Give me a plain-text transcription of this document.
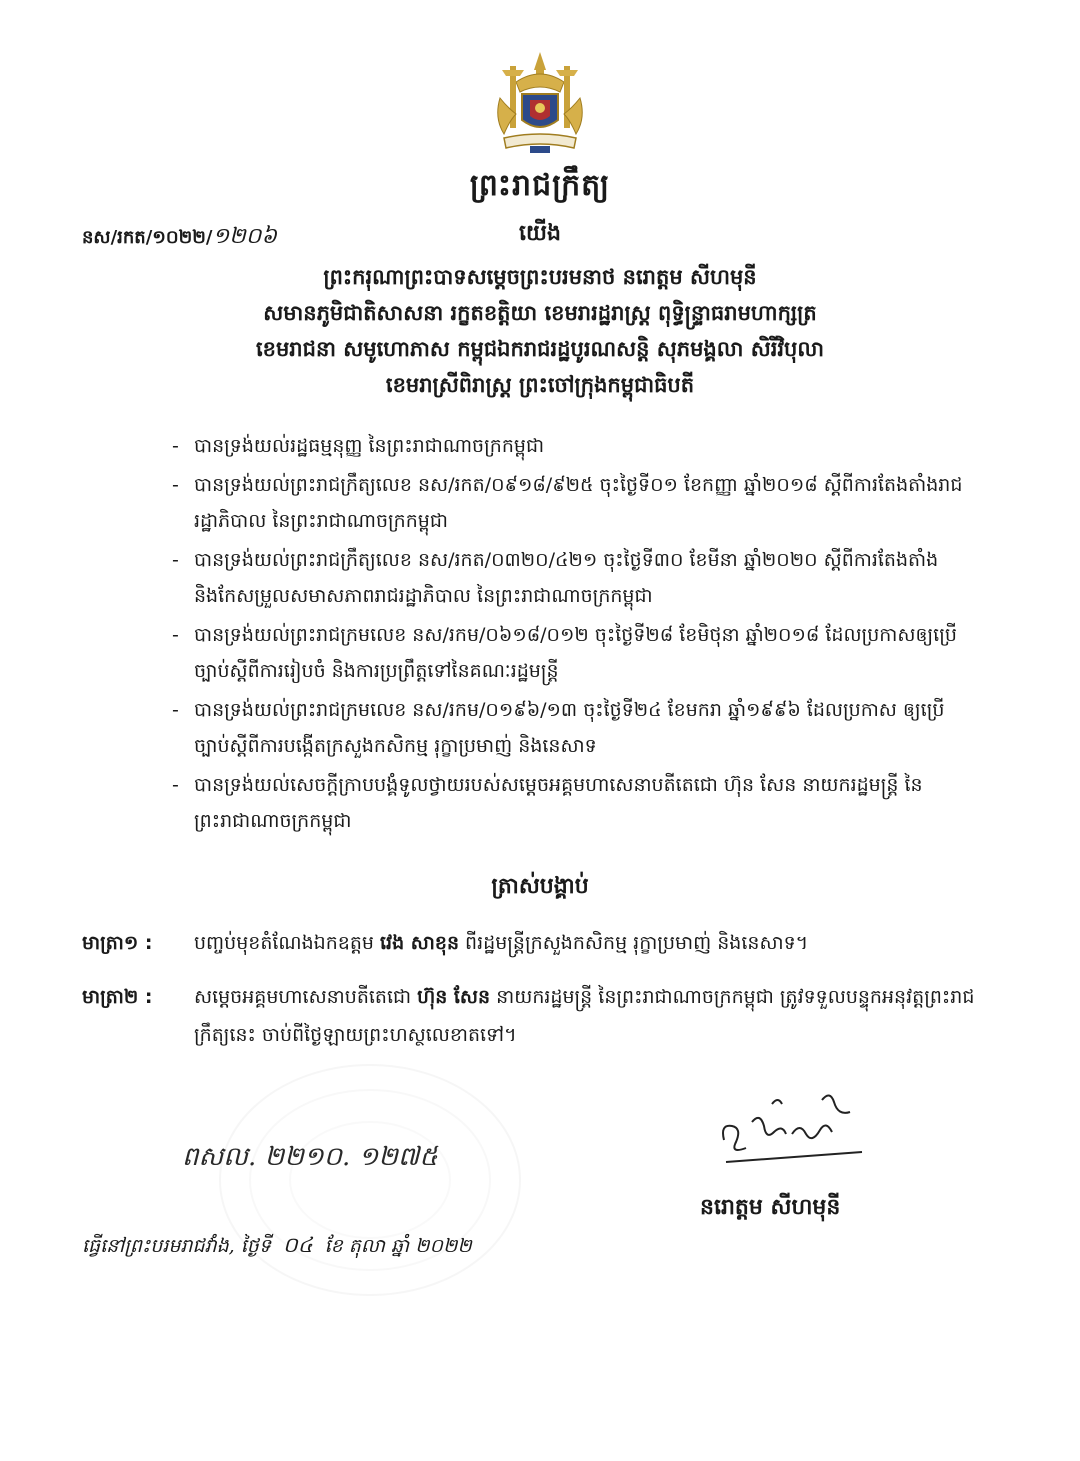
ព្រះរាជក្រឹត្យ
នស/រកត/១០២២/១២០៦	យើង
ព្រះករុណាព្រះបាទសម្ដេចព្រះបរមនាថ នរោត្តម សីហមុនី
សមានភូមិជាតិសាសនា រក្ខតខត្តិយា ខេមរារដ្ឋរាស្ត្រ ពុទ្ធិន្ទ្រាធរាមហាក្សត្រ
ខេមរាជនា សមូហោភាស កម្ពុជឯករាជរដ្ឋបូរណសន្តិ សុភមង្គលា សិរីវិបុលា
ខេមរាស្រីពិរាស្ត្រ ព្រះចៅក្រុងកម្ពុជាធិបតី
- បានទ្រង់យល់រដ្ឋធម្មនុញ្ញ នៃព្រះរាជាណាចក្រកម្ពុជា
- បានទ្រង់យល់ព្រះរាជក្រឹត្យលេខ នស/រកត/០៩១៨/៩២៥ ចុះថ្ងៃទី០១ ខែកញ្ញា ឆ្នាំ២០១៨ ស្ដីពីការតែងតាំងរាជរដ្ឋាភិបាល នៃព្រះរាជាណាចក្រកម្ពុជា
- បានទ្រង់យល់ព្រះរាជក្រឹត្យលេខ នស/រកត/០៣២០/៤២១ ចុះថ្ងៃទី៣០ ខែមីនា ឆ្នាំ២០២០ ស្ដីពីការតែងតាំង និងកែសម្រួលសមាសភាពរាជរដ្ឋាភិបាល នៃព្រះរាជាណាចក្រកម្ពុជា
- បានទ្រង់យល់ព្រះរាជក្រមលេខ នស/រកម/០៦១៨/០១២ ចុះថ្ងៃទី២៨ ខែមិថុនា ឆ្នាំ២០១៨ ដែលប្រកាសឲ្យប្រើច្បាប់ស្ដីពីការរៀបចំ និងការប្រព្រឹត្តទៅនៃគណៈរដ្ឋមន្ត្រី
- បានទ្រង់យល់ព្រះរាជក្រមលេខ នស/រកម/០១៩៦/១៣ ចុះថ្ងៃទី២៤ ខែមករា ឆ្នាំ១៩៩៦ ដែលប្រកាស ឲ្យប្រើច្បាប់ស្ដីពីការបង្កើតក្រសួងកសិកម្ម រុក្ខាប្រមាញ់ និងនេសាទ
- បានទ្រង់យល់សេចក្ដីក្រាបបង្គំទូលថ្វាយរបស់សម្ដេចអគ្គមហាសេនាបតីតេជោ ហ៊ុន សែន នាយករដ្ឋមន្ត្រី នៃព្រះរាជាណាចក្រកម្ពុជា
ត្រាស់បង្គាប់
មាត្រា១ : បញ្ចប់មុខតំណែងឯកឧត្ដម វេង សាខុន ពីរដ្ឋមន្ត្រីក្រសួងកសិកម្ម រុក្ខាប្រមាញ់ និងនេសាទ។
មាត្រា២ : សម្ដេចអគ្គមហាសេនាបតីតេជោ ហ៊ុន សែន នាយករដ្ឋមន្ត្រី នៃព្រះរាជាណាចក្រកម្ពុជា ត្រូវទទួលបន្ទុកអនុវត្តព្រះរាជក្រឹត្យនេះ ចាប់ពីថ្ងៃឡាយព្រះហស្ថលេខាតទៅ។
ពសល. ២២១០. ១២៧៥
នរោត្តម សីហមុនី
ធ្វើនៅព្រះបរមរាជវាំង, ថ្ងៃទី ០៤ ខែ តុលា ឆ្នាំ ២០២២
